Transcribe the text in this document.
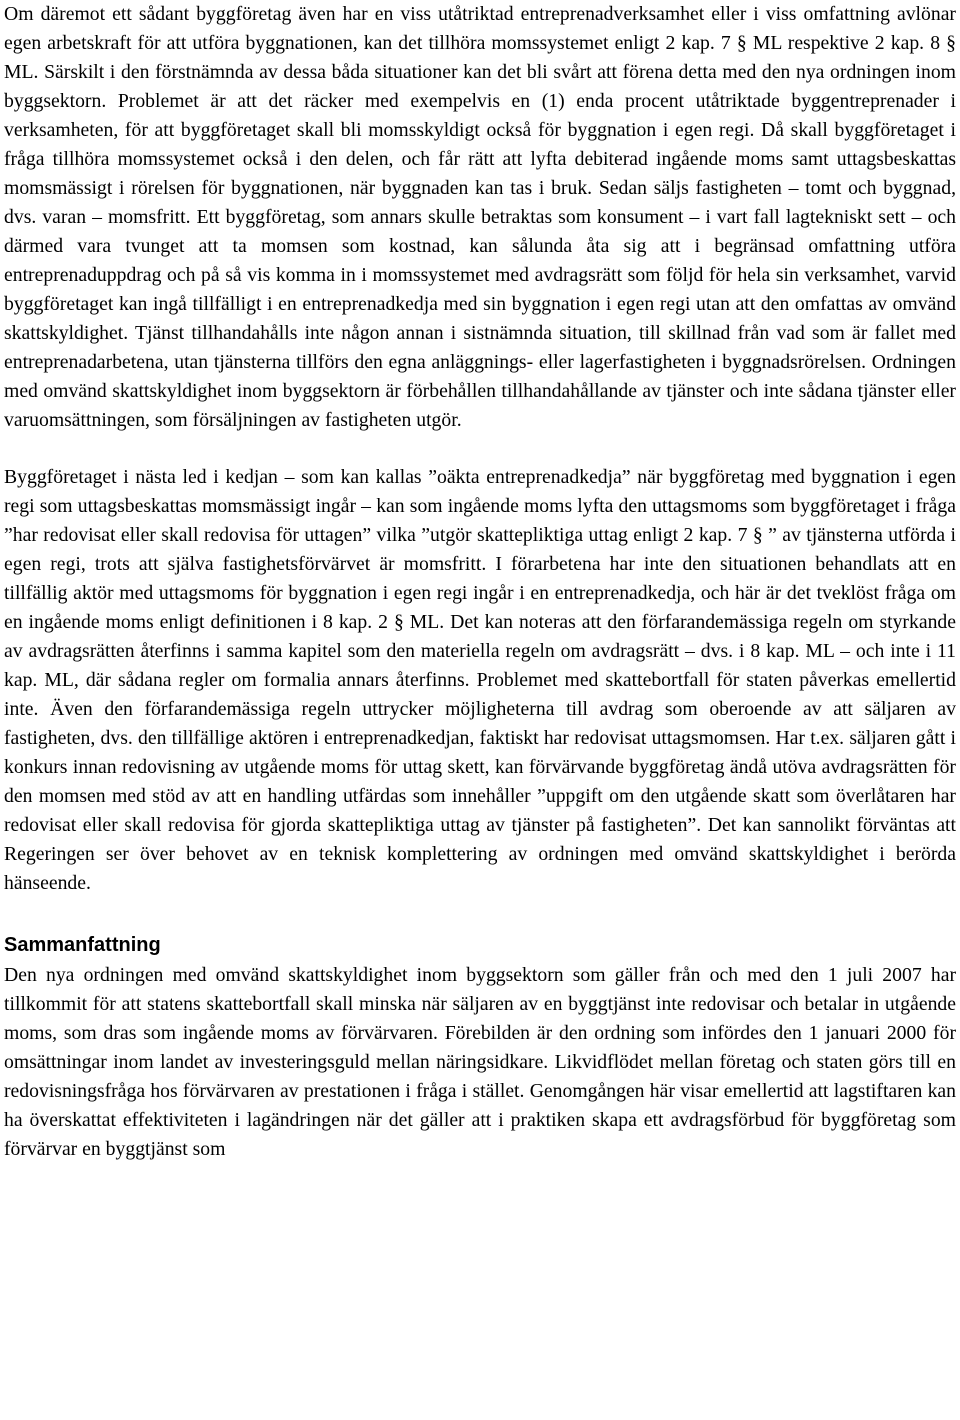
Om däremot ett sådant byggföretag även har en viss utåtriktad entreprenadverksamhet eller i viss omfattning avlönar egen arbetskraft för att utföra byggnationen, kan det tillhöra momssystemet enligt 2 kap. 7 § ML respektive 2 kap. 8 § ML. Särskilt i den förstnämnda av dessa båda situationer kan det bli svårt att förena detta med den nya ordningen inom byggsektorn. Problemet är att det räcker med exempelvis en (1) enda procent utåtriktade byggentreprenader i verksamheten, för att byggföretaget skall bli momsskyldigt också för byggnation i egen regi. Då skall byggföretaget i fråga tillhöra momssystemet också i den delen, och får rätt att lyfta debiterad ingående moms samt uttagsbeskattas momsmässigt i rörelsen för byggnationen, när byggnaden kan tas i bruk. Sedan säljs fastigheten – tomt och byggnad, dvs. varan – momsfritt. Ett byggföretag, som annars skulle betraktas som konsument – i vart fall lagtekniskt sett – och därmed vara tvunget att ta momsen som kostnad, kan sålunda åta sig att i begränsad omfattning utföra entreprenaduppdrag och på så vis komma in i momssystemet med avdragsrätt som följd för hela sin verksamhet, varvid byggföretaget kan ingå tillfälligt i en entreprenadkedja med sin byggnation i egen regi utan att den omfattas av omvänd skattskyldighet. Tjänst tillhandahålls inte någon annan i sistnämnda situation, till skillnad från vad som är fallet med entreprenadarbetena, utan tjänsterna tillförs den egna anläggnings- eller lagerfastigheten i byggnadsrörelsen. Ordningen med omvänd skattskyldighet inom byggsektorn är förbehållen tillhandahållande av tjänster och inte sådana tjänster eller varuomsättningen, som försäljningen av fastigheten utgör.

Byggföretaget i nästa led i kedjan – som kan kallas ”oäkta entreprenadkedja” när byggföretag med byggnation i egen regi som uttagsbeskattas momsmässigt ingår – kan som ingående moms lyfta den uttagsmoms som byggföretaget i fråga ”har redovisat eller skall redovisa för uttagen” vilka ”utgör skattepliktiga uttag enligt 2 kap. 7 § ” av tjänsterna utförda i egen regi, trots att själva fastighetsförvärvet är momsfritt. I förarbetena har inte den situationen behandlats att en tillfällig aktör med uttagsmoms för byggnation i egen regi ingår i en entreprenadkedja, och här är det tveklöst fråga om en ingående moms enligt definitionen i 8 kap. 2 § ML. Det kan noteras att den förfarandemässiga regeln om styrkande av avdragsrätten återfinns i samma kapitel som den materiella regeln om avdragsrätt – dvs. i 8 kap. ML – och inte i 11 kap. ML, där sådana regler om formalia annars återfinns. Problemet med skattebortfall för staten påverkas emellertid inte. Även den förfarandemässiga regeln uttrycker möjligheterna till avdrag som oberoende av att säljaren av fastigheten, dvs. den tillfällige aktören i entreprenadkedjan, faktiskt har redovisat uttagsmomsen. Har t.ex. säljaren gått i konkurs innan redovisning av utgående moms för uttag skett, kan förvärvande byggföretag ändå utöva avdragsrätten för den momsen med stöd av att en handling utfärdas som innehåller ”uppgift om den utgående skatt som överlåtaren har redovisat eller skall redovisa för gjorda skattepliktiga uttag av tjänster på fastigheten”. Det kan sannolikt förväntas att Regeringen ser över behovet av en teknisk komplettering av ordningen med omvänd skattskyldighet i berörda hänseende.

Sammanfattning

Den nya ordningen med omvänd skattskyldighet inom byggsektorn som gäller från och med den 1 juli 2007 har tillkommit för att statens skattebortfall skall minska när säljaren av en byggtjänst inte redovisar och betalar in utgående moms, som dras som ingående moms av förvärvaren. Förebilden är den ordning som infördes den 1 januari 2000 för omsättningar inom landet av investeringsguld mellan näringsidkare. Likvidflödet mellan företag och staten görs till en redovisningsfråga hos förvärvaren av prestationen i fråga i stället. Genomgången här visar emellertid att lagstiftaren kan ha överskattat effektiviteten i lagändringen när det gäller att i praktiken skapa ett avdragsförbud för byggföretag som förvärvar en byggtjänst som
